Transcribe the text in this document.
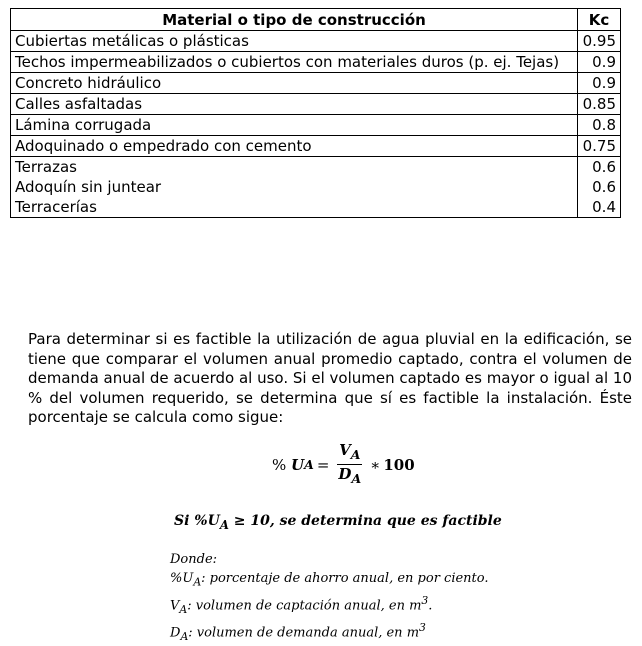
Material o tipo de construcción	Kc
Cubiertas metálicas o plásticas	0.95
Techos impermeabilizados o cubiertos con materiales duros (p. ej. Tejas)	0.9
Concreto hidráulico	0.9
Calles asfaltadas	0.85
Lámina corrugada	0.8
Adoquinado o empedrado con cemento	0.75
Terrazas	0.6
Adoquín sin juntear	0.6
Terracerías	0.4

Para determinar si es factible la utilización de agua pluvial en la edificación, se tiene que comparar el volumen anual promedio captado, contra el volumen de demanda anual de acuerdo al uso. Si el volumen captado es mayor o igual al 10 % del volumen requerido, se determina que sí es factible la instalación. Éste porcentaje se calcula como sigue:

%
U $A = \frac{V_A}{D_A}$ ∗ 100
Si $\%U_A \ge 10$, se determina que es factible
Donde:
$\%U_A$: porcentaje de ahorro anual, en por ciento.
$V_A$: volumen de captación anual, en $m^3$.
$D_A$: volumen de demanda anual, en $m^3$
